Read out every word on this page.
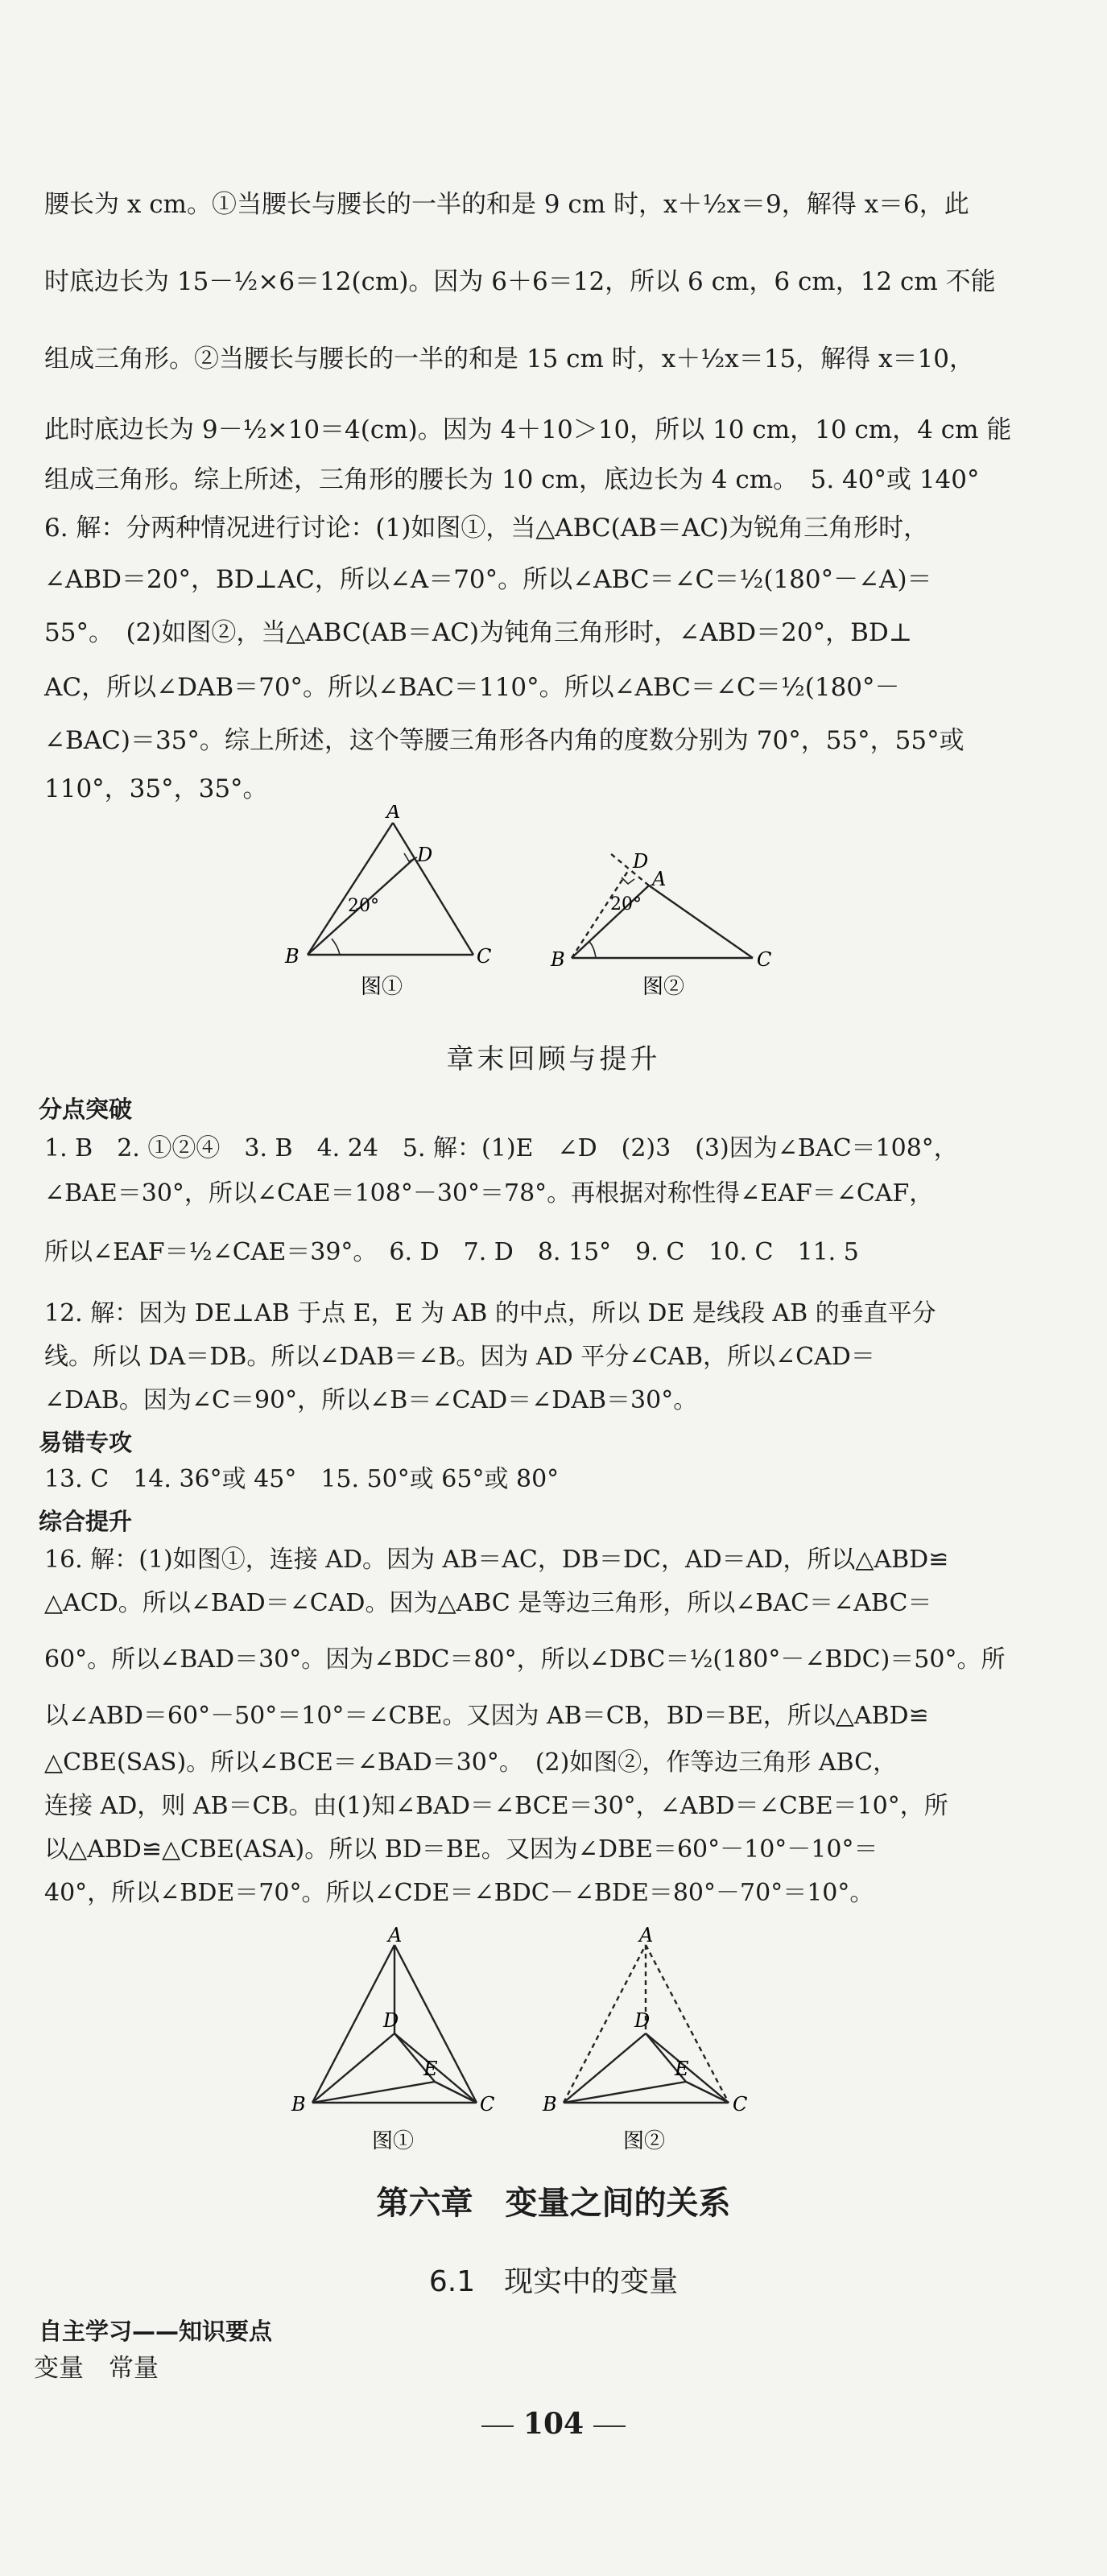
腰长为 x cm。①当腰长与腰长的一半的和是 9 cm 时，x＋½x＝9，解得 x＝6，此
时底边长为 15－½×6＝12(cm)。因为 6＋6＝12，所以 6 cm，6 cm，12 cm 不能
组成三角形。②当腰长与腰长的一半的和是 15 cm 时，x＋½x＝15，解得 x＝10，
此时底边长为 9－½×10＝4(cm)。因为 4＋10＞10，所以 10 cm，10 cm，4 cm 能
组成三角形。综上所述，三角形的腰长为 10 cm，底边长为 4 cm。　5. 40°或 140°
6. 解：分两种情况进行讨论：(1)如图①，当△ABC(AB＝AC)为锐角三角形时，
∠ABD＝20°，BD⊥AC，所以∠A＝70°。所以∠ABC＝∠C＝½(180°－∠A)＝
55°。　(2)如图②，当△ABC(AB＝AC)为钝角三角形时，∠ABD＝20°，BD⊥
AC，所以∠DAB＝70°。所以∠BAC＝110°。所以∠ABC＝∠C＝½(180°－
∠BAC)＝35°。综上所述，这个等腰三角形各内角的度数分别为 70°，55°，55°或
110°，35°，35°。
A
D
B	C
20°
图①
D
A
B	C
20°
图②
章末回顾与提升
分点突破
1. B　2. ①②④　3. B　4. 24　5. 解：(1)E　∠D　(2)3　(3)因为∠BAC＝108°，
∠BAE＝30°，所以∠CAE＝108°－30°＝78°。再根据对称性得∠EAF＝∠CAF，
所以∠EAF＝½∠CAE＝39°。　6. D　7. D　8. 15°　9. C　10. C　11. 5
12. 解：因为 DE⊥AB 于点 E，E 为 AB 的中点，所以 DE 是线段 AB 的垂直平分
线。所以 DA＝DB。所以∠DAB＝∠B。因为 AD 平分∠CAB，所以∠CAD＝
∠DAB。因为∠C＝90°，所以∠B＝∠CAD＝∠DAB＝30°。
易错专攻
13. C　14. 36°或 45°　15. 50°或 65°或 80°
综合提升
16. 解：(1)如图①，连接 AD。因为 AB＝AC，DB＝DC，AD＝AD，所以△ABD≌
△ACD。所以∠BAD＝∠CAD。因为△ABC 是等边三角形，所以∠BAC＝∠ABC＝
60°。所以∠BAD＝30°。因为∠BDC＝80°，所以∠DBC＝½(180°－∠BDC)＝50°。所
以∠ABD＝60°－50°＝10°＝∠CBE。又因为 AB＝CB，BD＝BE，所以△ABD≌
△CBE(SAS)。所以∠BCE＝∠BAD＝30°。　(2)如图②，作等边三角形 ABC，
连接 AD，则 AB＝CB。由(1)知∠BAD＝∠BCE＝30°，∠ABD＝∠CBE＝10°，所
以△ABD≌△CBE(ASA)。所以 BD＝BE。又因为∠DBE＝60°－10°－10°＝
40°，所以∠BDE＝70°。所以∠CDE＝∠BDC－∠BDE＝80°－70°＝10°。
A
D
E
B	C
图①
A
D
E
B	C
图②
第六章　变量之间的关系
6.1　现实中的变量
自主学习——知识要点
变量　常量
104
